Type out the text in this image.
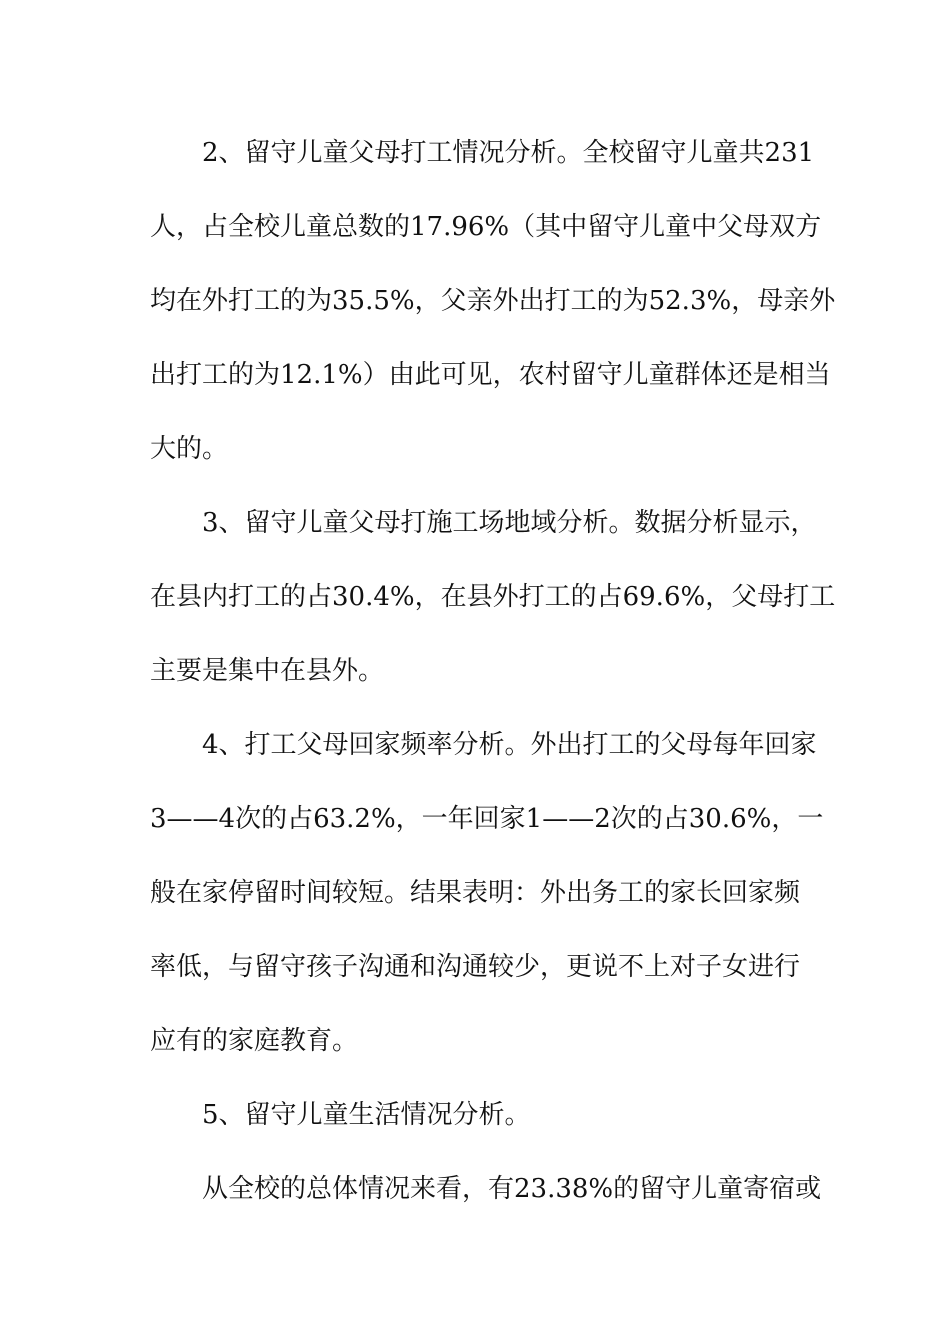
2、留守儿童父母打工情况分析。全校留守儿童共231

人，占全校儿童总数的17.96%（其中留守儿童中父母双方

均在外打工的为35.5%，父亲外出打工的为52.3%，母亲外

出打工的为12.1%）由此可见，农村留守儿童群体还是相当

大的。

3、留守儿童父母打施工场地域分析。数据分析显示，

在县内打工的占30.4%，在县外打工的占69.6%，父母打工

主要是集中在县外。

4、打工父母回家频率分析。外出打工的父母每年回家

3——4次的占63.2%，一年回家1——2次的占30.6%，一

般在家停留时间较短。结果表明：外出务工的家长回家频

率低，与留守孩子沟通和沟通较少，更说不上对子女进行

应有的家庭教育。

5、留守儿童生活情况分析。

从全校的总体情况来看，有23.38%的留守儿童寄宿或
